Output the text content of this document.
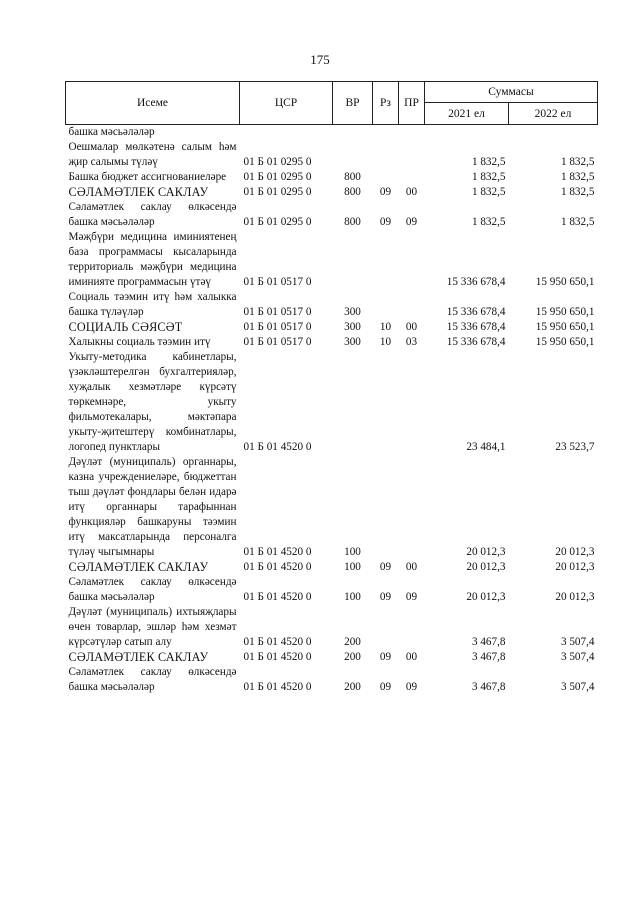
175
Исеме	ЦСР	ВР	Рз	ПР	Суммасы	
					2021 ел	2022 ел
башка мәсьәләләр						
Оешмалар мөлкәтенә салым һәм җир салымы түләү	01 Б 01 0295 0				1 832,5	1 832,5
Башка бюджет ассигнованиеләре	01 Б 01 0295 0	800			1 832,5	1 832,5
СӘЛАМӘТЛЕК САКЛАУ	01 Б 01 0295 0	800	09	00	1 832,5	1 832,5
Сәламәтлек саклау өлкәсендә башка мәсьәләләр	01 Б 01 0295 0	800	09	09	1 832,5	1 832,5
Мәҗбүри медицина иминиятенең база программасы кысаларында территориаль мәҗбүри медицина иминияте программасын үтәү	01 Б 01 0517 0				15 336 678,4	15 950 650,1
Социаль тәэмин итү һәм халыкка башка түләүләр	01 Б 01 0517 0	300			15 336 678,4	15 950 650,1
СОЦИАЛЬ СӘЯСӘТ	01 Б 01 0517 0	300	10	00	15 336 678,4	15 950 650,1
Халыкны социаль тәэмин итү	01 Б 01 0517 0	300	10	03	15 336 678,4	15 950 650,1
Укыту-методика кабинетлары, үзәкләштерелгән бухгалтерияләр, хуҗалык хезмәтләре күрсәтү төркемнәре, укыту фильмотекалары, мәктәпара укыту-җитештерү комбинатлары, логопед пунктлары	01 Б 01 4520 0				23 484,1	23 523,7
Дәүләт (муниципаль) органнары, казна учреждениеләре, бюджеттан тыш дәүләт фондлары белән идарә итү органнары тарафыннан функцияләр башкаруны тәэмин итү максатларында персоналга түләү чыгымнары	01 Б 01 4520 0	100			20 012,3	20 012,3
СӘЛАМӘТЛЕК САКЛАУ	01 Б 01 4520 0	100	09	00	20 012,3	20 012,3
Сәламәтлек саклау өлкәсендә башка мәсьәләләр	01 Б 01 4520 0	100	09	09	20 012,3	20 012,3
Дәүләт (муниципаль) ихтыяҗлары өчен товарлар, эшләр һәм хезмәт күрсәтүләр сатып алу	01 Б 01 4520 0	200			3 467,8	3 507,4
СӘЛАМӘТЛЕК САКЛАУ	01 Б 01 4520 0	200	09	00	3 467,8	3 507,4
Сәламәтлек саклау өлкәсендә башка мәсьәләләр	01 Б 01 4520 0	200	09	09	3 467,8	3 507,4
